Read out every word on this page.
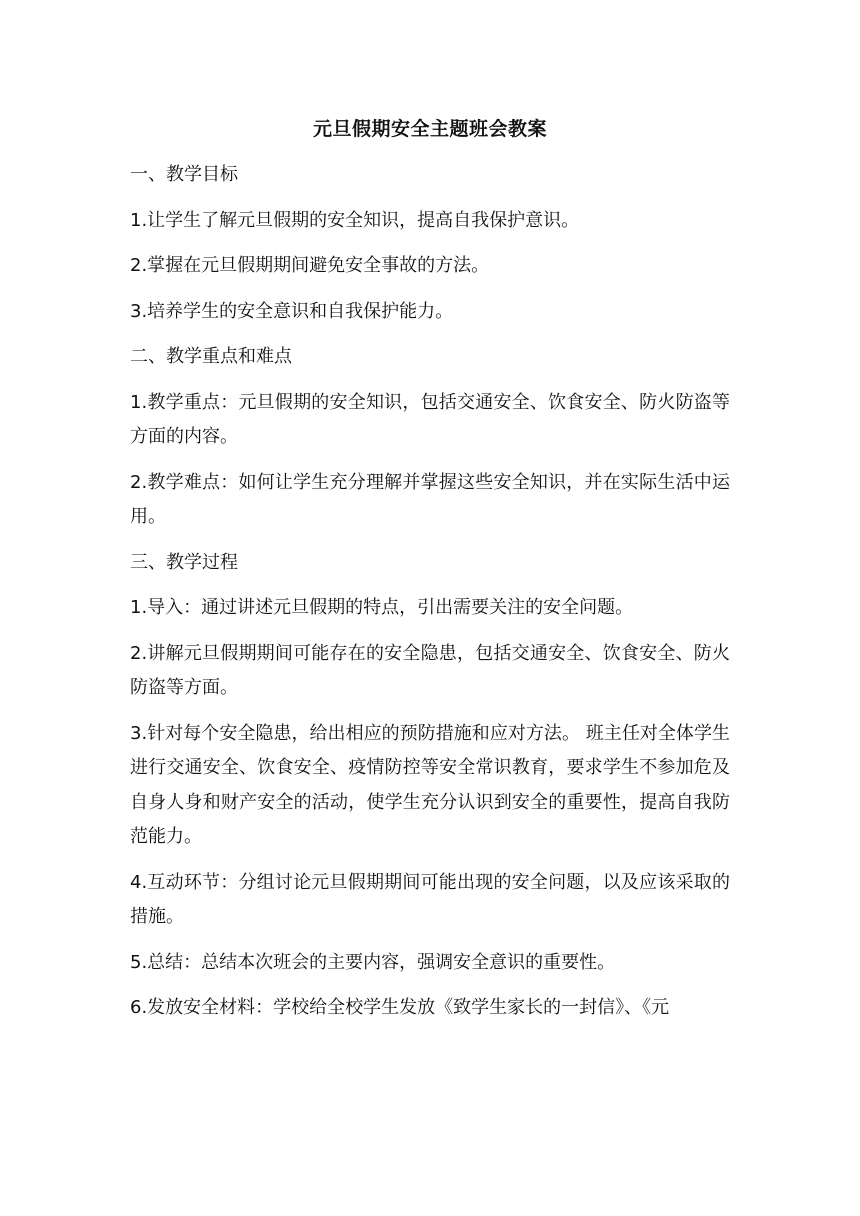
元旦假期安全主题班会教案

一、教学目标

1.让学生了解元旦假期的安全知识，提高自我保护意识。

2.掌握在元旦假期期间避免安全事故的方法。

3.培养学生的安全意识和自我保护能力。

二、教学重点和难点

1.教学重点：元旦假期的安全知识，包括交通安全、饮食安全、防火防盗等方面的内容。

2.教学难点：如何让学生充分理解并掌握这些安全知识，并在实际生活中运用。

三、教学过程

1.导入：通过讲述元旦假期的特点，引出需要关注的安全问题。

2.讲解元旦假期期间可能存在的安全隐患，包括交通安全、饮食安全、防火防盗等方面。

3.针对每个安全隐患，给出相应的预防措施和应对方法。 班主任对全体学生进行交通安全、饮食安全、疫情防控等安全常识教育，要求学生不参加危及自身人身和财产安全的活动，使学生充分认识到安全的重要性，提高自我防范能力。

4.互动环节：分组讨论元旦假期期间可能出现的安全问题，以及应该采取的措施。

5.总结：总结本次班会的主要内容，强调安全意识的重要性。

6.发放安全材料：学校给全校学生发放《致学生家长的一封信》、《元
